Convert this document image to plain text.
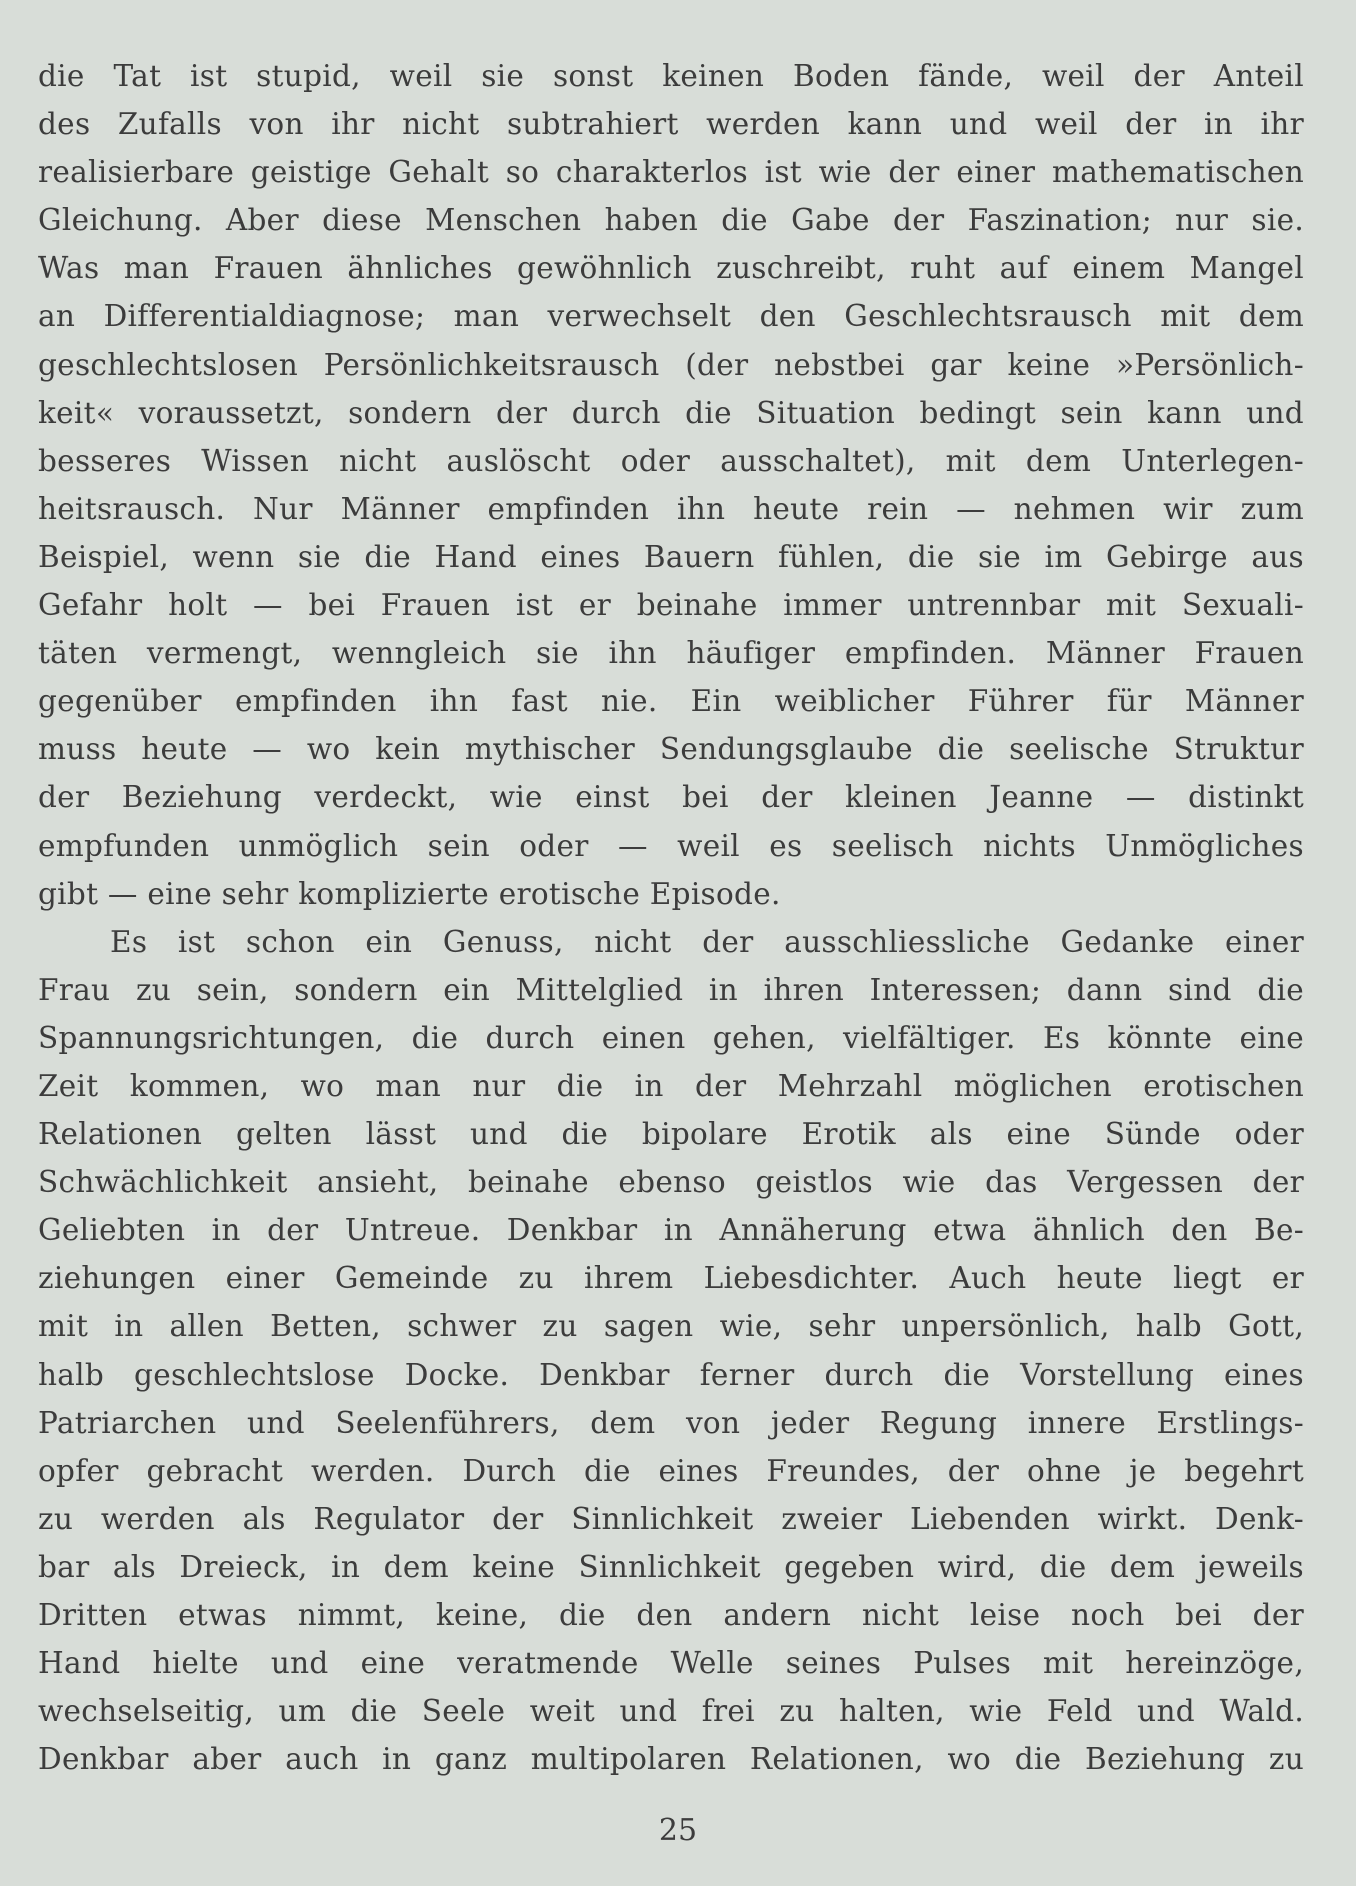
die Tat ist stupid, weil sie sonst keinen Boden fände, weil der Anteil
des Zufalls von ihr nicht subtrahiert werden kann und weil der in ihr
realisierbare geistige Gehalt so charakterlos ist wie der einer mathematischen
Gleichung. Aber diese Menschen haben die Gabe der Faszination; nur sie.
Was man Frauen ähnliches gewöhnlich zuschreibt, ruht auf einem Mangel
an Differentialdiagnose; man verwechselt den Geschlechtsrausch mit dem
geschlechtslosen Persönlichkeitsrausch (der nebstbei gar keine »Persönlich-
keit« voraussetzt, sondern der durch die Situation bedingt sein kann und
besseres Wissen nicht auslöscht oder ausschaltet), mit dem Unterlegen-
heitsrausch. Nur Männer empfinden ihn heute rein — nehmen wir zum
Beispiel, wenn sie die Hand eines Bauern fühlen, die sie im Gebirge aus
Gefahr holt — bei Frauen ist er beinahe immer untrennbar mit Sexuali-
täten vermengt, wenngleich sie ihn häufiger empfinden. Männer Frauen
gegenüber empfinden ihn fast nie. Ein weiblicher Führer für Männer
muss heute — wo kein mythischer Sendungsglaube die seelische Struktur
der Beziehung verdeckt, wie einst bei der kleinen Jeanne — distinkt
empfunden unmöglich sein oder — weil es seelisch nichts Unmögliches
gibt — eine sehr komplizierte erotische Episode.
Es ist schon ein Genuss, nicht der ausschliessliche Gedanke einer
Frau zu sein, sondern ein Mittelglied in ihren Interessen; dann sind die
Spannungsrichtungen, die durch einen gehen, vielfältiger. Es könnte eine
Zeit kommen, wo man nur die in der Mehrzahl möglichen erotischen
Relationen gelten lässt und die bipolare Erotik als eine Sünde oder
Schwächlichkeit ansieht, beinahe ebenso geistlos wie das Vergessen der
Geliebten in der Untreue. Denkbar in Annäherung etwa ähnlich den Be-
ziehungen einer Gemeinde zu ihrem Liebesdichter. Auch heute liegt er
mit in allen Betten, schwer zu sagen wie, sehr unpersönlich, halb Gott,
halb geschlechtslose Docke. Denkbar ferner durch die Vorstellung eines
Patriarchen und Seelenführers, dem von jeder Regung innere Erstlings-
opfer gebracht werden. Durch die eines Freundes, der ohne je begehrt
zu werden als Regulator der Sinnlichkeit zweier Liebenden wirkt. Denk-
bar als Dreieck, in dem keine Sinnlichkeit gegeben wird, die dem jeweils
Dritten etwas nimmt, keine, die den andern nicht leise noch bei der
Hand hielte und eine veratmende Welle seines Pulses mit hereinzöge,
wechselseitig, um die Seele weit und frei zu halten, wie Feld und Wald.
Denkbar aber auch in ganz multipolaren Relationen, wo die Beziehung zu
25
